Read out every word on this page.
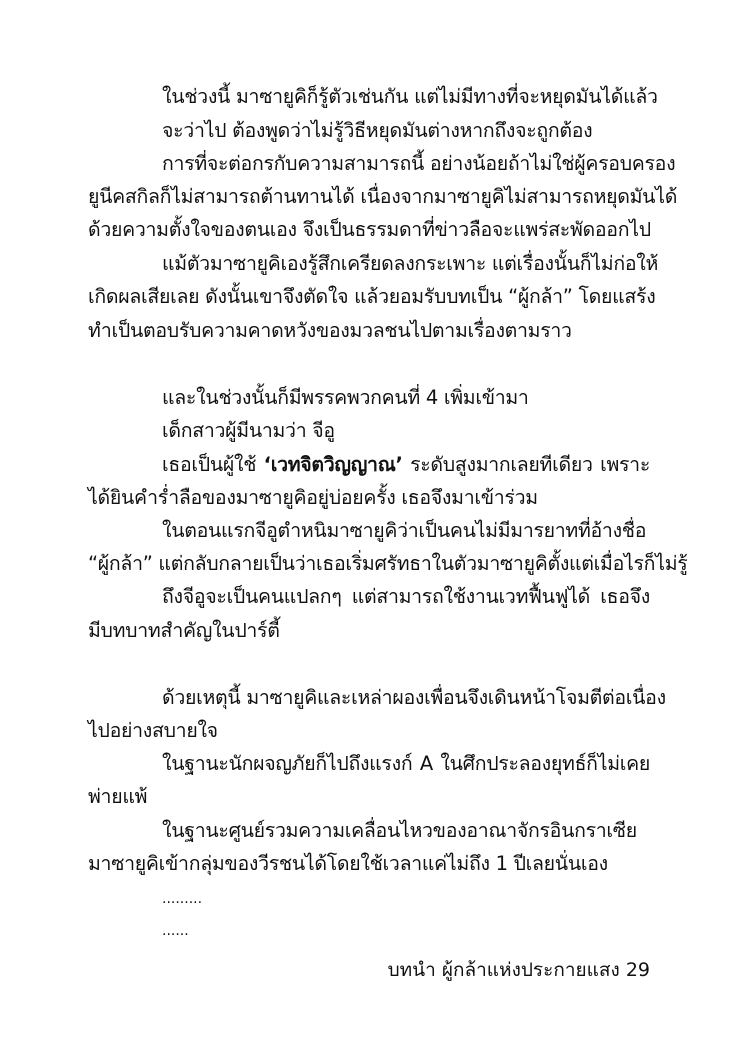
ในช่วงนี้ มาซายูคิก็รู้ตัวเช่นกัน แต่ไม่มีทางที่จะหยุดมันได้แล้ว
จะว่าไป ต้องพูดว่าไม่รู้วิธีหยุดมันต่างหากถึงจะถูกต้อง
การที่จะต่อกรกับความสามารถนี้ อย่างน้อยถ้าไม่ใช่ผู้ครอบครอง
ยูนีคสกิลก็ไม่สามารถต้านทานได้ เนื่องจากมาซายูคิไม่สามารถหยุดมันได้
ด้วยความตั้งใจของตนเอง จึงเป็นธรรมดาที่ข่าวลือจะแพร่สะพัดออกไป
แม้ตัวมาซายูคิเองรู้สึกเครียดลงกระเพาะ แต่เรื่องนั้นก็ไม่ก่อให้
เกิดผลเสียเลย ดังนั้นเขาจึงตัดใจ แล้วยอมรับบทเป็น “ผู้กล้า” โดยแสร้ง
ทำเป็นตอบรับความคาดหวังของมวลชนไปตามเรื่องตามราว
และในช่วงนั้นก็มีพรรคพวกคนที่ 4 เพิ่มเข้ามา
เด็กสาวผู้มีนามว่า จีอู
เธอเป็นผู้ใช้ ‘เวทจิตวิญญาณ’ ระดับสูงมากเลยทีเดียว เพราะ
ได้ยินคำร่ำลือของมาซายูคิอยู่บ่อยครั้ง เธอจึงมาเข้าร่วม
ในตอนแรกจีอูตำหนิมาซายูคิว่าเป็นคนไม่มีมารยาทที่อ้างชื่อ
“ผู้กล้า” แต่กลับกลายเป็นว่าเธอเริ่มศรัทธาในตัวมาซายูคิตั้งแต่เมื่อไรก็ไม่รู้
ถึงจีอูจะเป็นคนแปลกๆ แต่สามารถใช้งานเวทฟื้นฟูได้ เธอจึง
มีบทบาทสำคัญในปาร์ตี้
ด้วยเหตุนี้ มาซายูคิและเหล่าผองเพื่อนจึงเดินหน้าโจมตีต่อเนื่อง
ไปอย่างสบายใจ
ในฐานะนักผจญภัยก็ไปถึงแรงก์ A ในศึกประลองยุทธ์ก็ไม่เคย
พ่ายแพ้
ในฐานะศูนย์รวมความเคลื่อนไหวของอาณาจักรอินกราเซีย
มาซายูคิเข้ากลุ่มของวีรชนได้โดยใช้เวลาแค่ไม่ถึง 1 ปีเลยนั่นเอง
.........
......
บทนำ ผู้กล้าแห่งประกายแสง 29
